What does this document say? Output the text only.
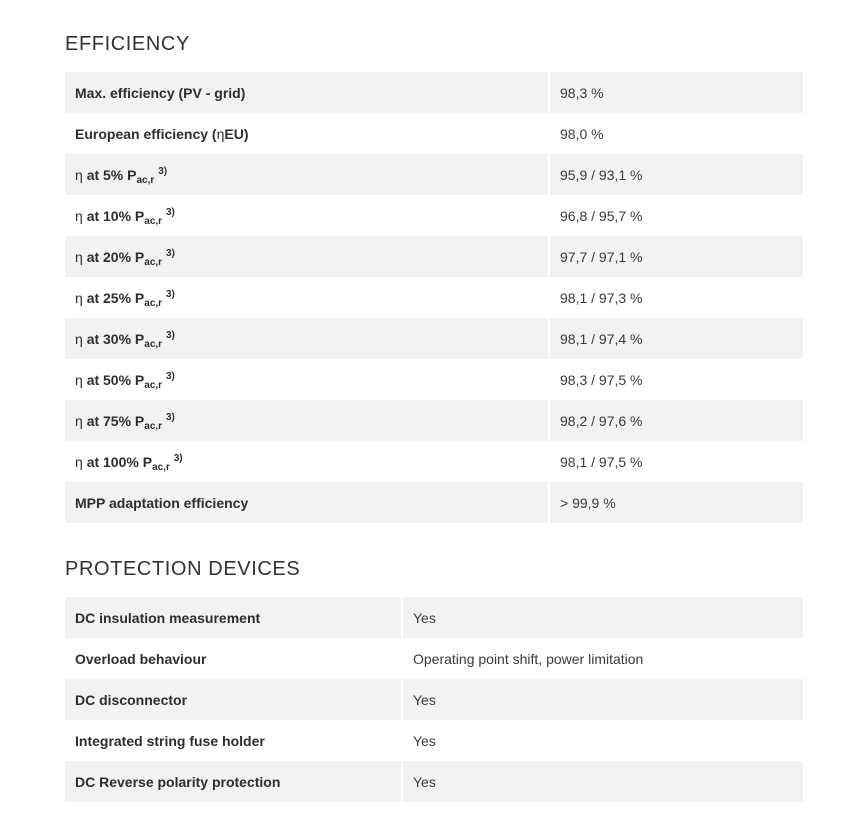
EFFICIENCY
Max. efficiency (PV - grid)	98,3 %
European efficiency (ηEU)	98,0 %
η at 5% $P_{ac,r}$ $^{3)}$	95,9 / 93,1 %
η at 10% $P_{ac,r}$ $^{3)}$	96,8 / 95,7 %
η at 20% $P_{ac,r}$ $^{3)}$	97,7 / 97,1 %
η at 25% $P_{ac,r}$ $^{3)}$	98,1 / 97,3 %
η at 30% $P_{ac,r}$ $^{3)}$	98,1 / 97,4 %
η at 50% $P_{ac,r}$ $^{3)}$	98,3 / 97,5 %
η at 75% $P_{ac,r}$ $^{3)}$	98,2 / 97,6 %
η at 100% $P_{ac,r}$ $^{3)}$	98,1 / 97,5 %
MPP adaptation efficiency	> 99,9 %
PROTECTION DEVICES
DC insulation measurement	Yes
Overload behaviour	Operating point shift, power limitation
DC disconnector	Yes
Integrated string fuse holder	Yes
DC Reverse polarity protection	Yes
